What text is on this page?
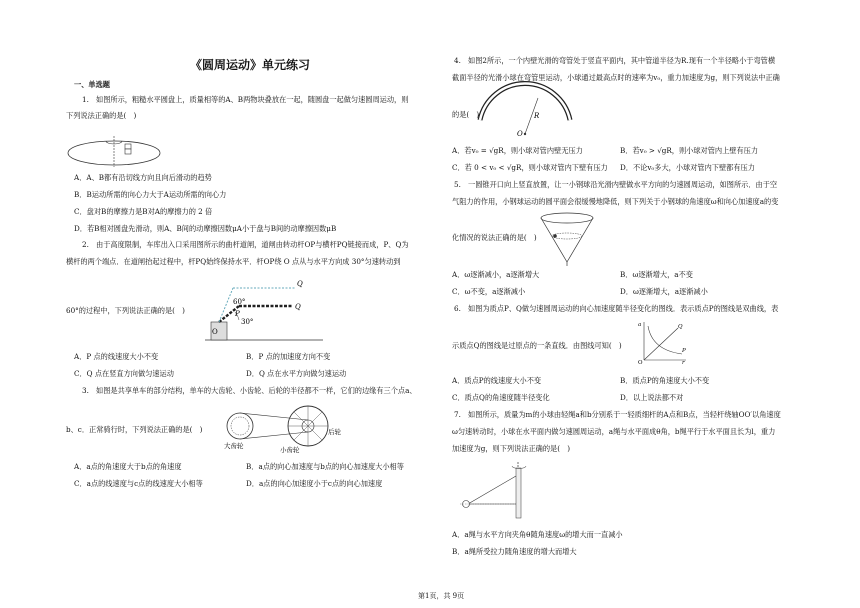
《圆周运动》单元练习
一、单选题
1.　如图所示，粗糙水平圆盘上，质量相等的A、B两物块叠放在一起，随圆盘一起做匀速圆周运动，则
下列说法正确的是(　)
A．A、B都有沿切线方向且向后滑动的趋势
B．B运动所需的向心力大于A运动所需的向心力
C．盘对B的摩擦力是B对A的摩擦力的 2 倍
D．若B相对圆盘先滑动，则A、B间的动摩擦因数μA小于盘与B间的动摩擦因数μB
2.　由于高度限制，车库出入口采用图所示的曲杆道闸，道闸由转动杆OP与横杆PQ链接而成，P、Q为
横杆的两个端点．在道闸抬起过程中，杆PQ始终保持水平．杆OP绕 O 点从与水平方向成 30°匀速转动到
60°的过程中，下列说法正确的是(　)
O
Q
Q
P
60°
30°
A．P 点的线速度大小不变	B．P 点的加速度方向不变
C．Q 点在竖直方向做匀速运动	D．Q 点在水平方向做匀速运动
3.　如图是共享单车的部分结构，单车的大齿轮、小齿轮、后轮的半径都不一样，它们的边缘有三个点a、
b、c．正常骑行时，下列说法正确的是(　)
大齿轮	小齿轮
后轮
A．a点的角速度大于b点的角速度	B．a点的向心加速度与b点的向心加速度大小相等
C．a点的线速度与c点的线速度大小相等	D．a点的向心加速度小于c点的向心加速度
4.　如图2所示，一个内壁光滑的弯管处于竖直平面内，其中管道半径为R.现有一个半径略小于弯管横
截面半径的光滑小球在弯管里运动，小球通过最高点时的速率为v₀，重力加速度为g，则下列说法中正确
的是(　)
O
R
A．若v₀ = √gR，则小球对管内壁无压力	B．若v₀ > √gR，则小球对管内上壁有压力
C．若 0 < v₀ < √gR，则小球对管内下壁有压力 D．不论v₀多大，小球对管内下壁都有压力
5.　一圆锥开口向上竖直放置，让一小钢球沿光滑内壁做水平方向的匀速圆周运动，如图所示．由于空
气阻力的作用，小钢球运动的圆平面会很缓慢地降低，则下列关于小钢球的角速度ω和向心加速度a的变
化情况的说法正确的是(　)
A．ω逐渐减小，a逐渐增大	B．ω逐渐增大，a不变
C．ω不变，a逐渐减小	D．ω逐渐增大，a逐渐减小
6.　如图为质点P、Q做匀速圆周运动的向心加速度随半径变化的图线．表示质点P的图线是双曲线，表
示质点Q的图线是过原点的一条直线．由图线可知(　)
a
r
O
Q
P
A．质点P的线速度大小不变	B．质点P的角速度大小不变
C．质点Q的角速度随半径变化	D．以上说法都不对
7.　如图所示，质量为m的小球由轻绳a和b分别系于一轻质细杆的A点和B点，当轻杆绕轴OO′以角速度
ω匀速转动时，小球在水平面内做匀速圆周运动，a绳与水平面成θ角，b绳平行于水平面且长为l，重力
加速度为g，则下列说法正确的是(　)
A．a绳与水平方向夹角θ随角速度ω的增大而一直减小
B．a绳所受拉力随角速度的增大而增大
第1页，共 9页
